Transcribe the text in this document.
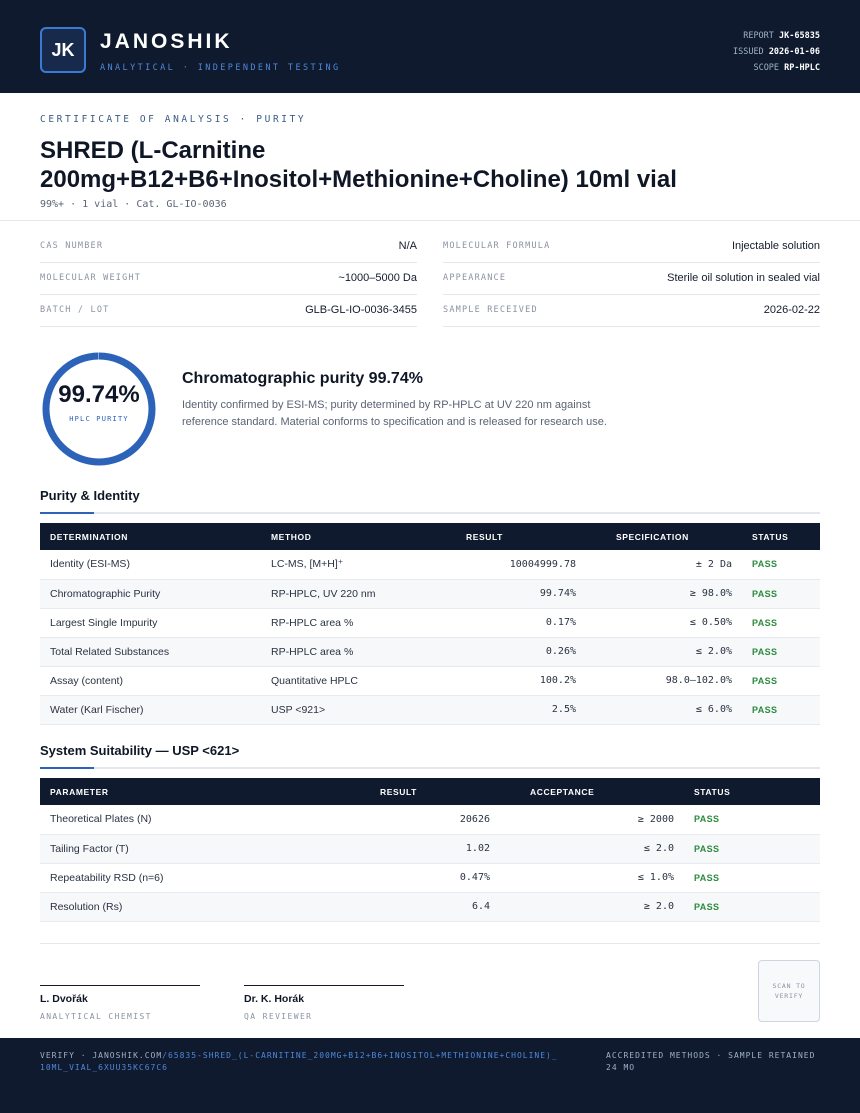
JK	JANOSHIK
ANALYTICAL · INDEPENDENT TESTING
REPORT JK-65835
ISSUED 2026-01-06
SCOPE RP-HPLC
CERTIFICATE OF ANALYSIS · PURITY
SHRED (L-Carnitine
200mg+B12+B6+Inositol+Methionine+Choline) 10ml vial
99%+ · 1 vial · Cat. GL-IO-0036
CAS NUMBER	N/A	MOLECULAR FORMULA	Injectable solution
MOLECULAR WEIGHT	~1000–5000 Da	APPEARANCE	Sterile oil solution in sealed vial
BATCH / LOT	GLB-GL-IO-0036-3455	SAMPLE RECEIVED	2026-02-22
99.74%
HPLC PURITY
Chromatographic purity 99.74%
Identity confirmed by ESI-MS; purity determined by RP-HPLC at UV 220 nm against reference standard. Material conforms to specification and is released for research use.
Purity & Identity
DETERMINATION	METHOD	RESULT	SPECIFICATION	STATUS
Identity (ESI-MS)	LC-MS, [M+H]⁺	10004999.78	± 2 Da	PASS
Chromatographic Purity	RP-HPLC, UV 220 nm	99.74%	≥ 98.0%	PASS
Largest Single Impurity	RP-HPLC area %	0.17%	≤ 0.50%	PASS
Total Related Substances	RP-HPLC area %	0.26%	≤ 2.0%	PASS
Assay (content)	Quantitative HPLC	100.2%	98.0–102.0%	PASS
Water (Karl Fischer)	USP <921>	2.5%	≤ 6.0%	PASS
System Suitability — USP <621>
PARAMETER	RESULT	ACCEPTANCE	STATUS
Theoretical Plates (N)	20626	≥ 2000	PASS
Tailing Factor (T)	1.02	≤ 2.0	PASS
Repeatability RSD (n=6)	0.47%	≤ 1.0%	PASS
Resolution (Rs)	6.4	≥ 2.0	PASS
L. Dvořák
ANALYTICAL CHEMIST
Dr. K. Horák
QA REVIEWER
SCAN TO VERIFY
VERIFY · JANOSHIK.COM/65835-SHRED_(L-CARNITINE_200MG+B12+B6+INOSITOL+METHIONINE+CHOLINE)_10ML_VIAL_6XUU35KC67C6
ACCREDITED METHODS · SAMPLE RETAINED 24 MO
